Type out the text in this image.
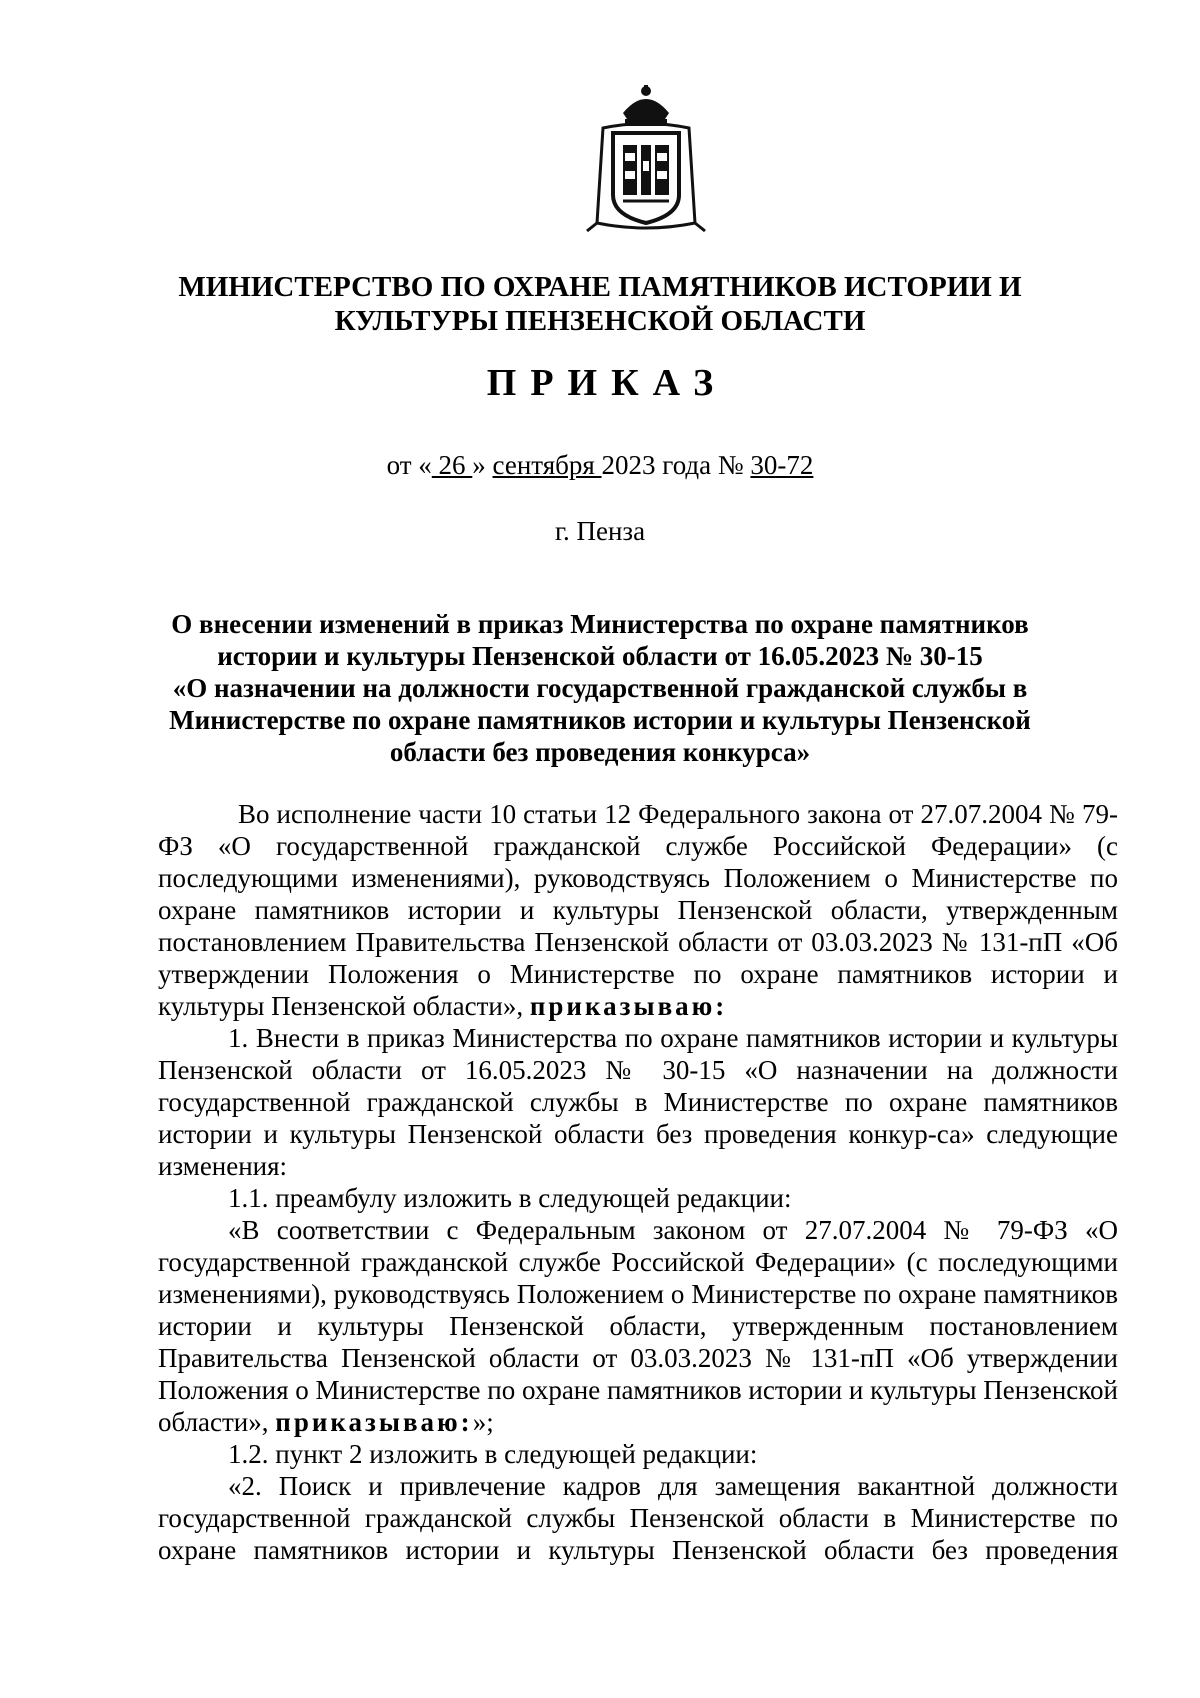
МИНИСТЕРСТВО ПО ОХРАНЕ ПАМЯТНИКОВ ИСТОРИИ И
КУЛЬТУРЫ ПЕНЗЕНСКОЙ ОБЛАСТИ
ПРИКАЗ
от « 26 » сентября 2023 года № 30-72
г. Пенза
О внесении изменений в приказ Министерства по охране памятников
истории и культуры Пензенской области от 16.05.2023 № 30-15
«О назначении на должности государственной гражданской службы в
Министерстве по охране памятников истории и культуры Пензенской
области без проведения конкурса»

Во исполнение части 10 статьи 12 Федерального закона от 27.07.2004 № 79-ФЗ «О государственной гражданской службе Российской Федерации» (с последующими изменениями), руководствуясь Положением о Министерстве по охране памятников истории и культуры Пензенской области, утвержденным постановлением Правительства Пензенской области от 03.03.2023 № 131-пП «Об утверждении Положения о Министерстве по охране памятников истории и культуры Пензенской области», приказываю:

1. Внести в приказ Министерства по охране памятников истории и культуры Пензенской области от 16.05.2023 № 30-15 «О назначении на должности государственной гражданской службы в Министерстве по охране памятников истории и культуры Пензенской области без проведения конкур-са» следующие изменения:

1.1. преамбулу изложить в следующей редакции:

«В соответствии с Федеральным законом от 27.07.2004 № 79-ФЗ «О государственной гражданской службе Российской Федерации» (с последующими изменениями), руководствуясь Положением о Министерстве по охране памятников истории и культуры Пензенской области, утвержденным постановлением Правительства Пензенской области от 03.03.2023 № 131-пП «Об утверждении Положения о Министерстве по охране памятников истории и культуры Пензенской области», приказываю:»;

1.2. пункт 2 изложить в следующей редакции:

«2. Поиск и привлечение кадров для замещения вакантной должности государственной гражданской службы Пензенской области в Министерстве по охране памятников истории и культуры Пензенской области без проведения
